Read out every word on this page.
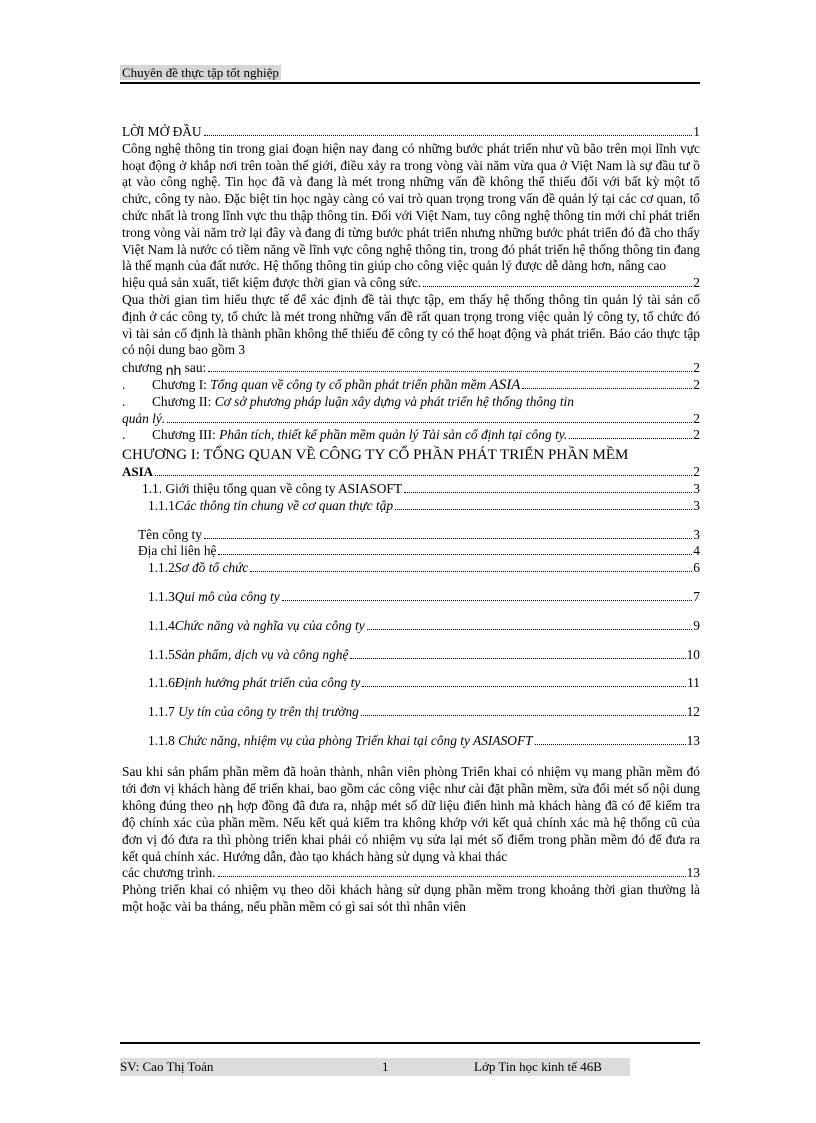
Chuyên đề thực tập tốt nghiệp
LỜI MỞ ĐẦU	1
Công nghệ thông tin trong giai đoạn hiện nay đang có những bước phát triển như vũ bão trên mọi lĩnh vực hoạt động ở khắp nơi trên toàn thế giới, điều xảy ra trong vòng vài năm vừa qua ở Việt Nam là sự đầu tư ồ ạt vào công nghệ. Tin học đã và đang là mét trong những vấn đề không thể thiếu đối với bất kỳ một tổ chức, công ty nào. Đặc biệt tin học ngày càng có vai trò quan trọng trong vấn đề quản lý tại các cơ quan, tổ chức nhất là trong lĩnh vực thu thập thông tin. Đối với Việt Nam, tuy công nghệ thông tin mới chỉ phát triển trong vòng vài năm trở lại đây và đang đi từng bước phát triển nhưng những bước phát triển đó đã cho thấy Việt Nam là nước có tiềm năng về lĩnh vực công nghệ thông tin, trong đó phát triển hệ thống thông tin đang là thế mạnh của đất nước. Hệ thống thông tin giúp cho công việc quản lý được dễ dàng hơn, nâng cao
hiệu quả sản xuất, tiết kiệm được thời gian và công sức.	2
Qua thời gian tìm hiểu thực tế để xác định đề tài thực tập, em thấy hệ thống thông tin quản lý tài sản cố định ở các công ty, tổ chức là mét trong những vấn đề rất quan trọng trong việc quản lý công ty, tổ chức đó vì tài sản cố định là thành phần không thể thiếu để công ty có thể hoạt động và phát triển. Báo cáo thực tập có nội dung bao gồm 3
chương nh sau:	2
. Chương I: Tổng quan về công ty cổ phần phát triển phần mềm ASIA	2
. Chương II: Cơ sở phương pháp luận xây dựng và phát triển hệ thống thông tin
quản lý.	2
. Chương III: Phân tích, thiết kế phần mềm quản lý Tài sản cố định tại công ty.	2
CHƯƠNG I: TỔNG QUAN VỀ CÔNG TY CỔ PHẦN PHÁT TRIỂN PHẦN MỀM
ASIA	2
1.1. Giới thiệu tổng quan về công ty ASIASOFT	3
1.1.1Các thông tin chung về cơ quan thực tập	3
Tên công ty	3
Địa chỉ liên hệ	4
1.1.2Sơ đồ tổ chức	6
1.1.3Qui mô của công ty	7
1.1.4Chức năng và nghĩa vụ của công ty	9
1.1.5Sản phẩm, dịch vụ và công nghệ	10
1.1.6Định hướng phát triển của công ty	11
1.1.7 Uy tín của công ty trên thị trường	12
1.1.8 Chức năng, nhiệm vụ của phòng Triển khai tại công ty ASIASOFT	13
Sau khi sản phẩm phần mềm đã hoàn thành, nhân viên phòng Triển khai có nhiệm vụ mang phần mềm đó tới đơn vị khách hàng để triển khai, bao gồm các công việc như cài đặt phần mềm, sửa đổi mét số nội dung không đúng theo nh hợp đồng đã đưa ra, nhập mét số dữ liệu điển hình mà khách hàng đã có để kiểm tra độ chính xác của phần mềm. Nếu kết quả kiểm tra không khớp với kết quả chính xác mà hệ thống cũ của đơn vị đó đưa ra thì phòng triển khai phải có nhiệm vụ sửa lại mét số điểm trong phần mềm đó để đưa ra kết quả chính xác. Hướng dẫn, đào tạo khách hàng sử dụng và khai thác
các chương trình.	13
Phòng triển khai có nhiệm vụ theo dõi khách hàng sử dụng phần mềm trong khoảng thời gian thường là một hoặc vài ba tháng, nếu phần mềm có gì sai sót thì nhân viên
SV: Cao Thị Toản	1	Lớp Tin học kinh tế 46B
